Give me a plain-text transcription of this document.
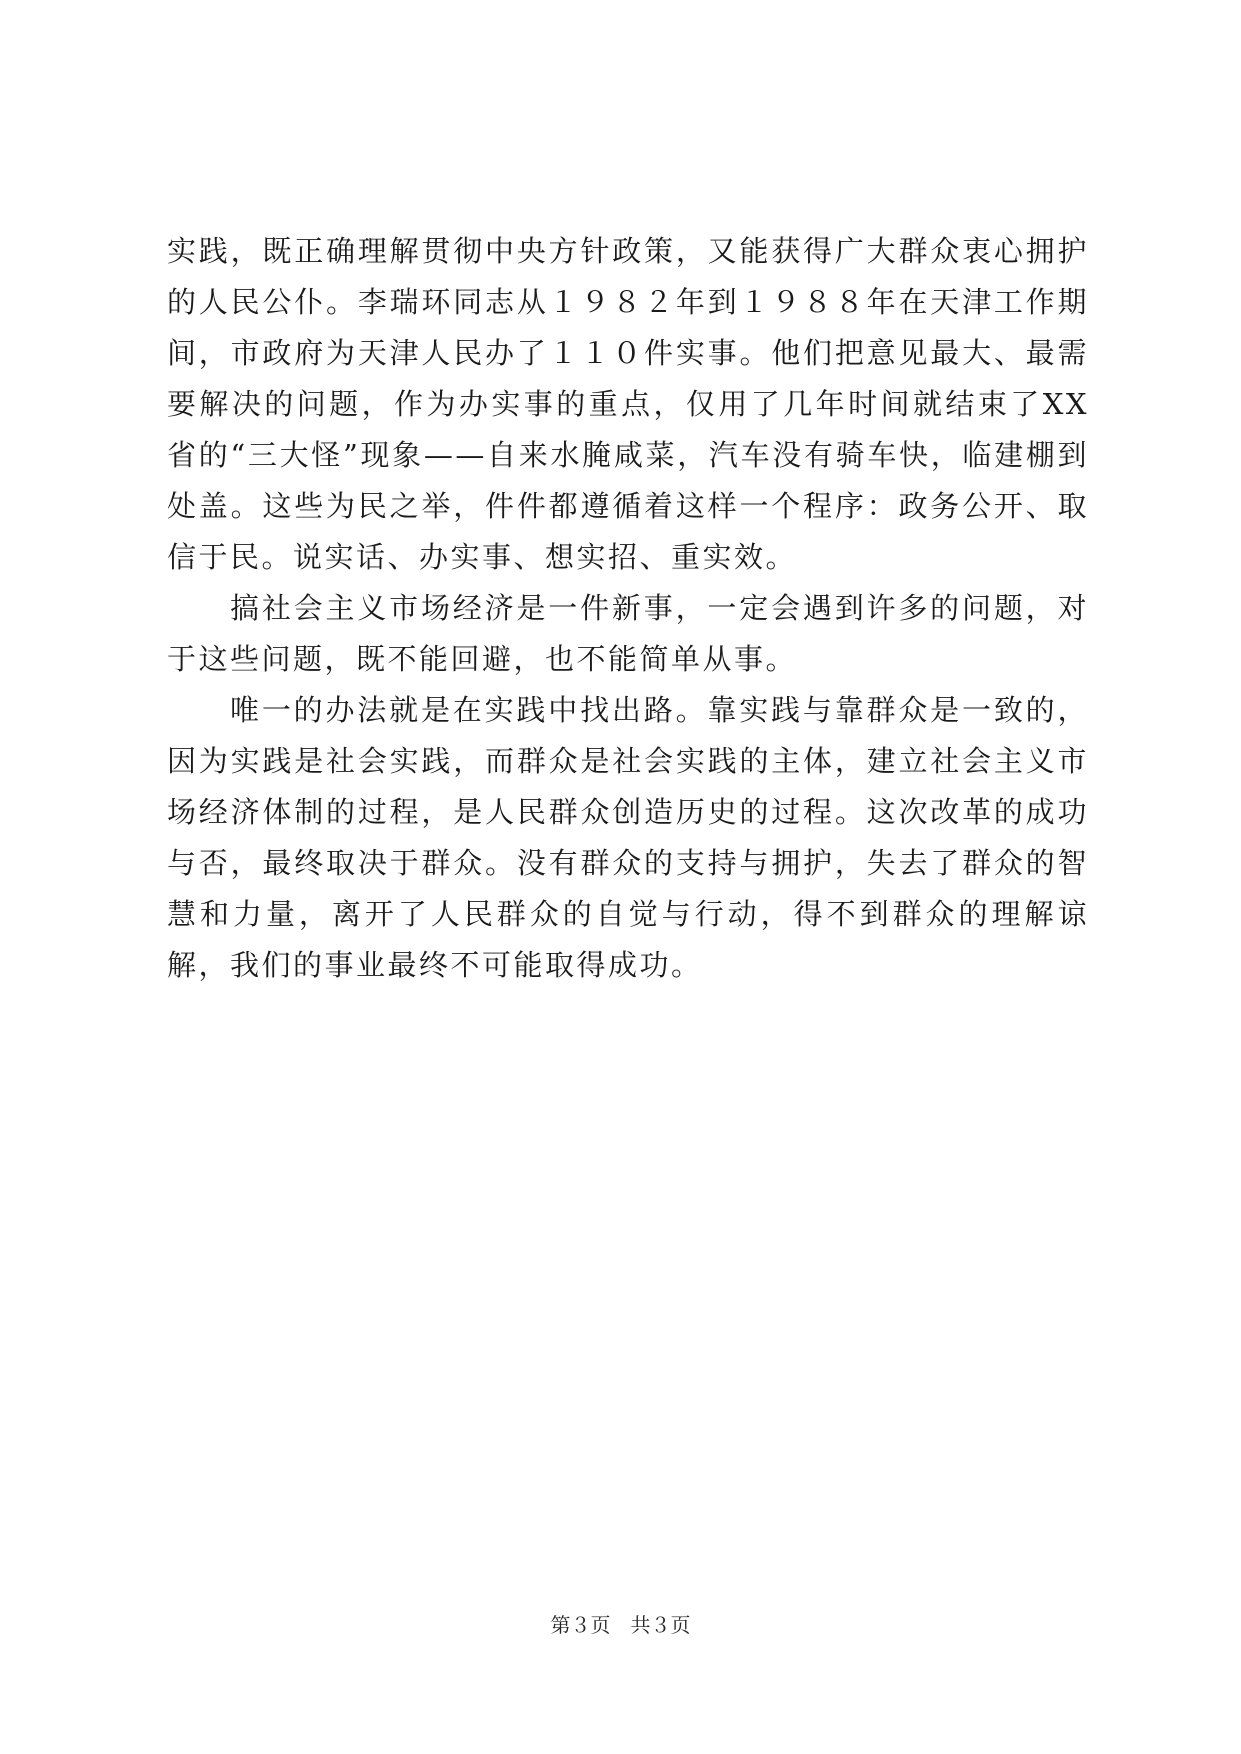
实践，既正确理解贯彻中央方针政策，又能获得广大群众衷心拥护的人民公仆。李瑞环同志从１９８２年到１９８８年在天津工作期间，市政府为天津人民办了１１０件实事。他们把意见最大、最需要解决的问题，作为办实事的重点，仅用了几年时间就结束了XX省的“三大怪”现象——自来水腌咸菜，汽车没有骑车快，临建棚到处盖。这些为民之举，件件都遵循着这样一个程序：政务公开、取信于民。说实话、办实事、想实招、重实效。

搞社会主义市场经济是一件新事，一定会遇到许多的问题，对于这些问题，既不能回避，也不能简单从事。

唯一的办法就是在实践中找出路。靠实践与靠群众是一致的，因为实践是社会实践，而群众是社会实践的主体，建立社会主义市场经济体制的过程，是人民群众创造历史的过程。这次改革的成功与否，最终取决于群众。没有群众的支持与拥护，失去了群众的智慧和力量，离开了人民群众的自觉与行动，得不到群众的理解谅解，我们的事业最终不可能取得成功。

第３页　共３页
